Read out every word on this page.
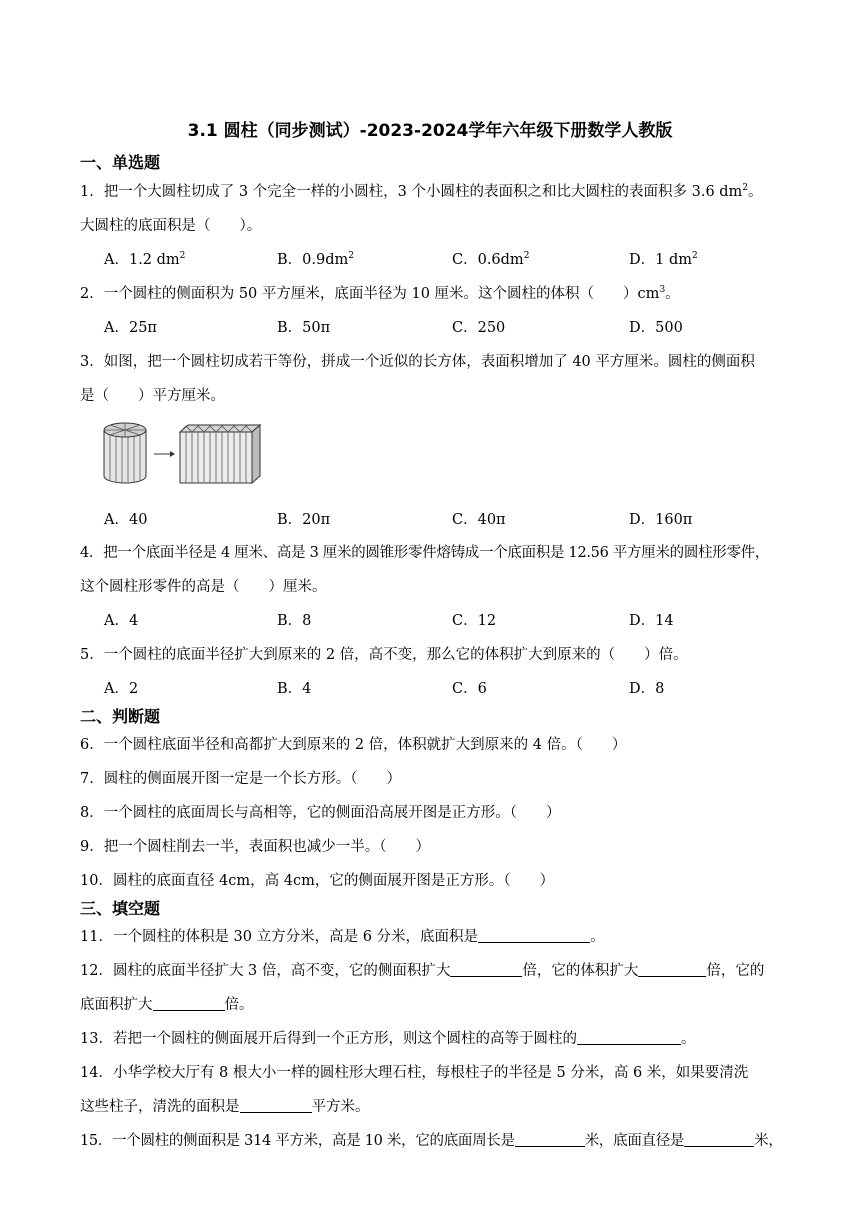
3.1 圆柱（同步测试）-2023-2024学年六年级下册数学人教版
一、单选题
1．把一个大圆柱切成了 3 个完全一样的小圆柱，3 个小圆柱的表面积之和比大圆柱的表面积多 3.6 $dm^2$。
大圆柱的底面积是（　　）。
A．1.2 $dm^2$	B．$0.9dm^2$	C．$0.6dm^2$	D．1 $dm^2$
2．一个圆柱的侧面积为 50 平方厘米，底面半径为 10 厘米。这个圆柱的体积（　　）$cm^3$。
A．25π	B．50π	C．250	D．500
3．如图，把一个圆柱切成若干等份，拼成一个近似的长方体，表面积增加了 40 平方厘米。圆柱的侧面积
是（　　）平方厘米。
A．40	B．20π	C．40π	D．160π
4．把一个底面半径是 4 厘米、高是 3 厘米的圆锥形零件熔铸成一个底面积是 12.56 平方厘米的圆柱形零件，
这个圆柱形零件的高是（　　）厘米。
A．4	B．8	C．12	D．14
5．一个圆柱的底面半径扩大到原来的 2 倍，高不变，那么它的体积扩大到原来的（　　）倍。
A．2	B．4	C．6	D．8
二、判断题
6．一个圆柱底面半径和高都扩大到原来的 2 倍，体积就扩大到原来的 4 倍。（　　）
7．圆柱的侧面展开图一定是一个长方形。（　　）
8．一个圆柱的底面周长与高相等，它的侧面沿高展开图是正方形。（　　）
9．把一个圆柱削去一半，表面积也减少一半。（　　）
10．圆柱的底面直径 4cm，高 4cm，它的侧面展开图是正方形。（　　）
三、填空题
11．一个圆柱的体积是 30 立方分米，高是 6 分米，底面积是	。
12．圆柱的底面半径扩大 3 倍，高不变，它的侧面积扩大	倍，它的体积扩大	倍，它的
底面积扩大	倍。
13．若把一个圆柱的侧面展开后得到一个正方形，则这个圆柱的高等于圆柱的	。
14．小华学校大厅有 8 根大小一样的圆柱形大理石柱，每根柱子的半径是 5 分米，高 6 米，如果要清洗
这些柱子，清洗的面积是	平方米。
15．一个圆柱的侧面积是 314 平方米，高是 10 米，它的底面周长是	米，底面直径是	米，
